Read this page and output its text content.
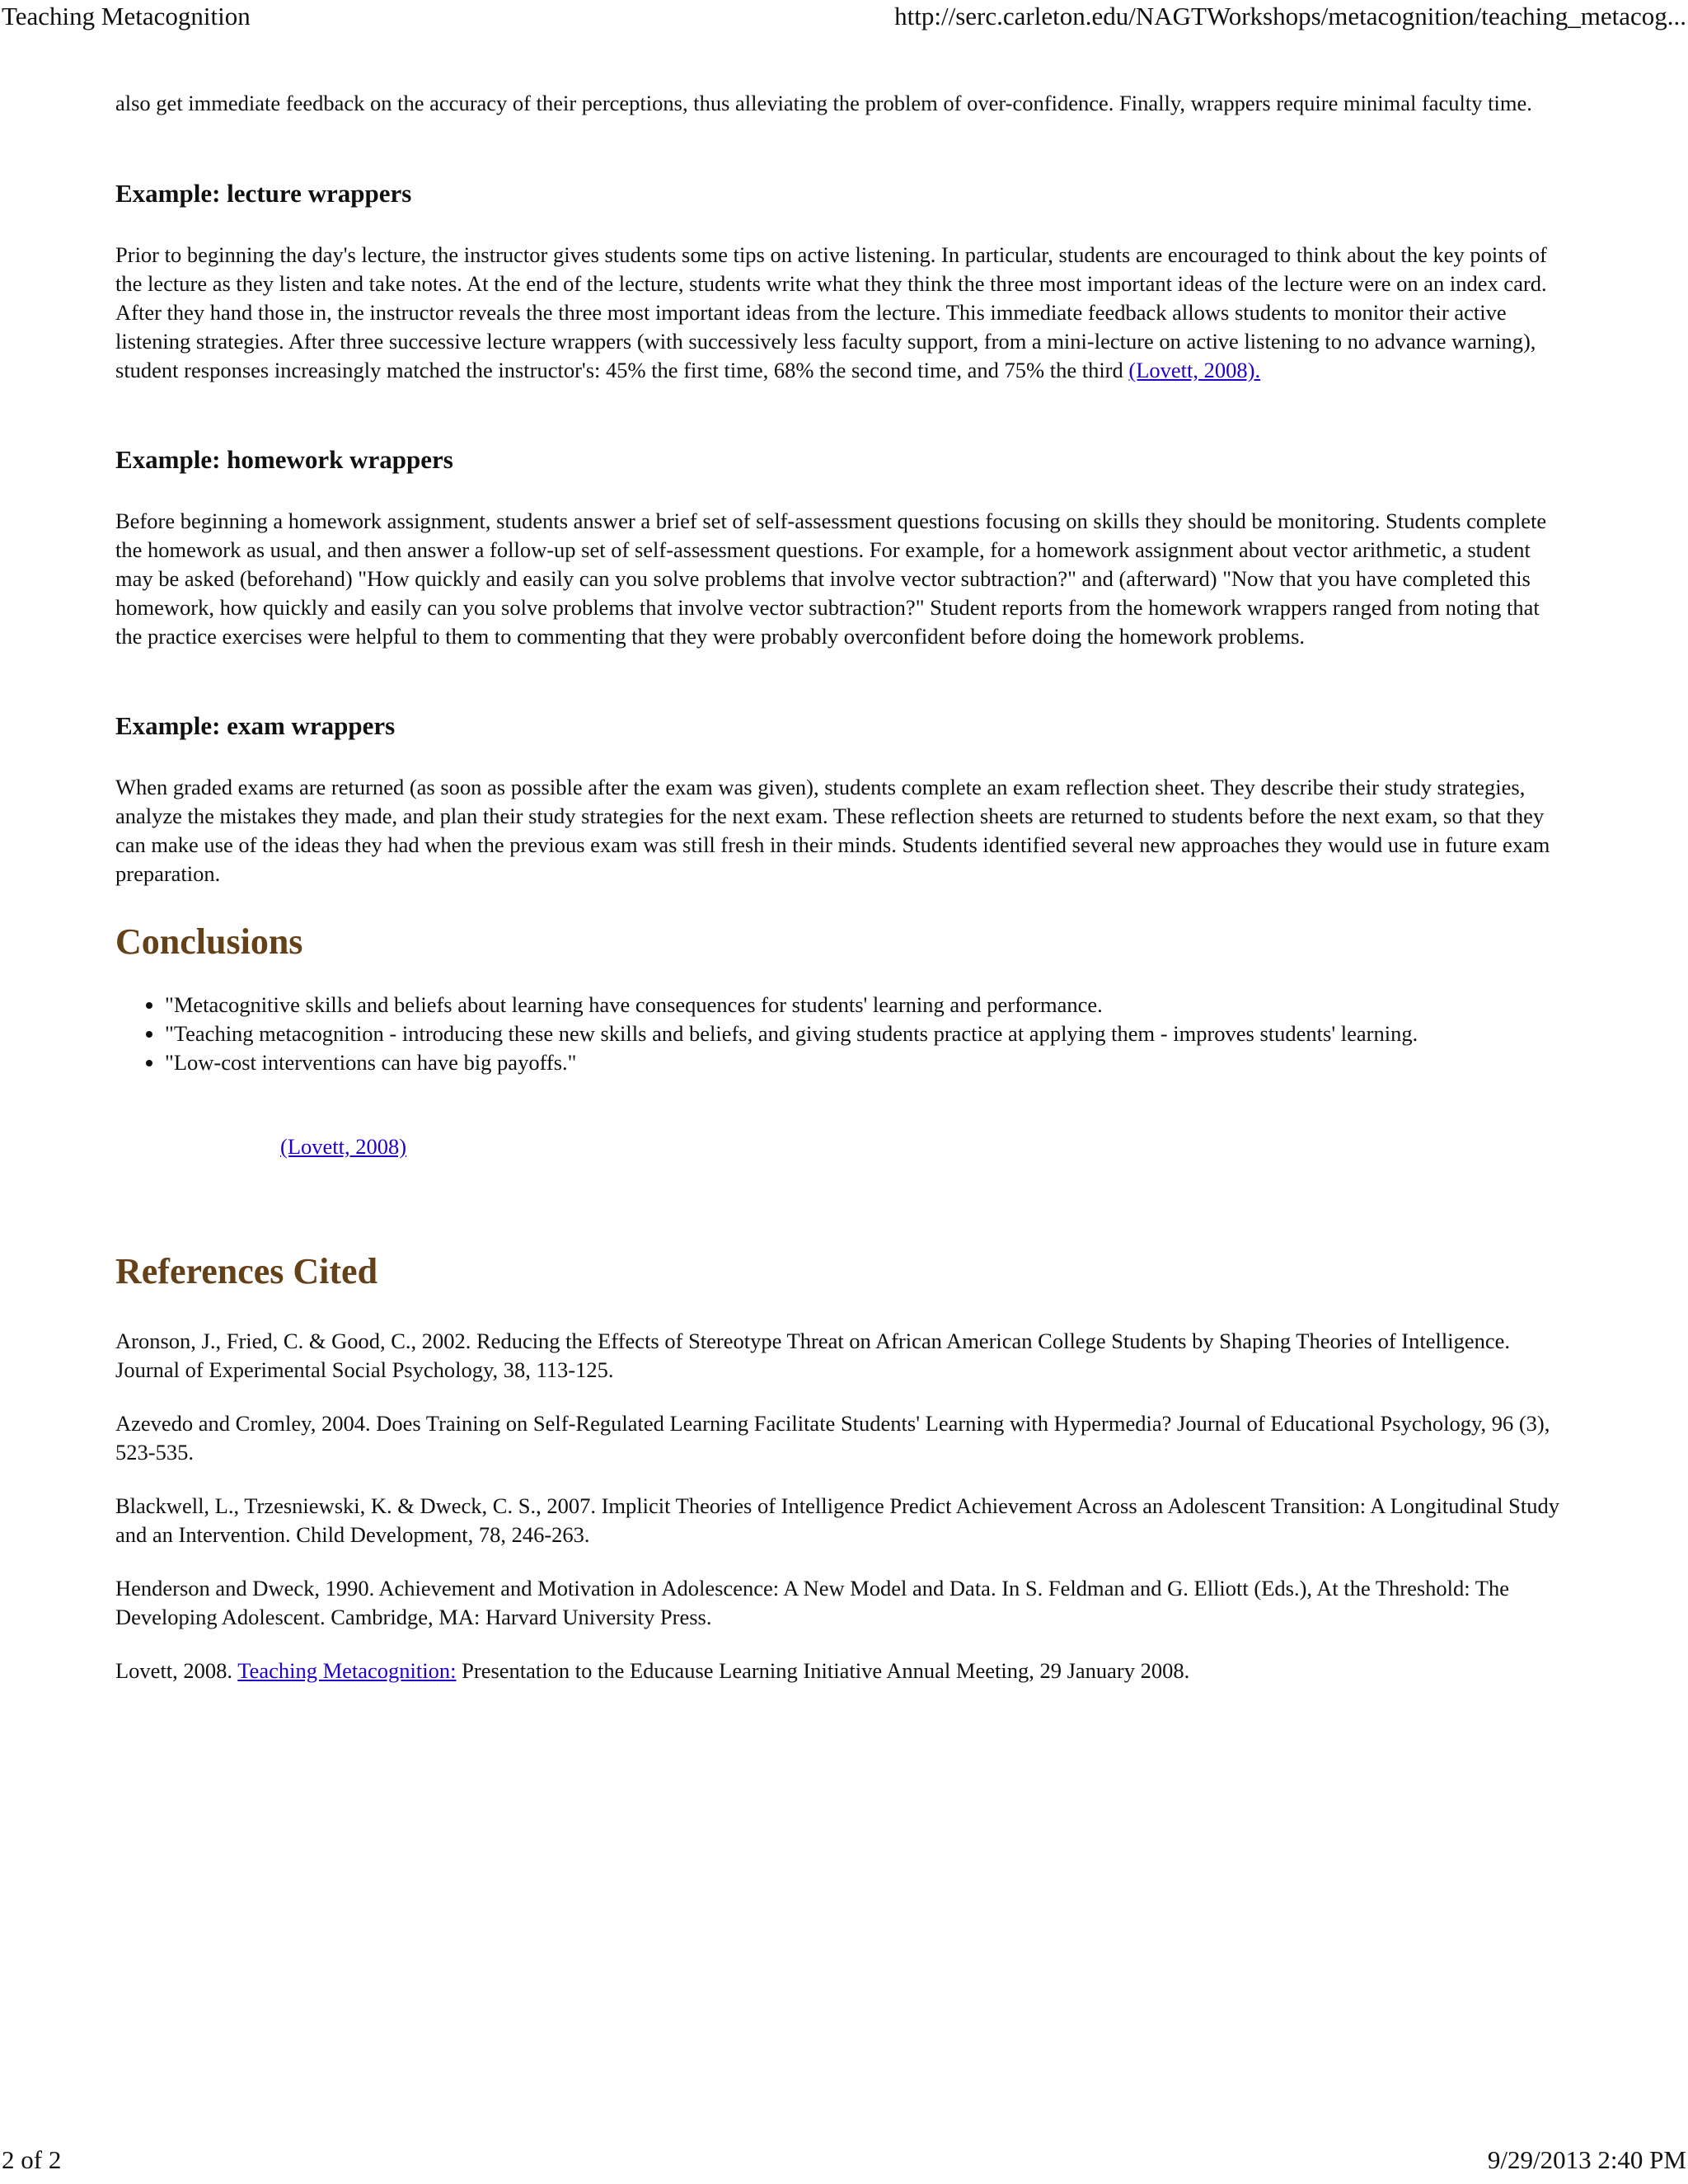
also get immediate feedback on the accuracy of their perceptions, thus alleviating the problem of over-confidence. Finally, wrappers require minimal faculty time.

Example: lecture wrappers

Prior to beginning the day's lecture, the instructor gives students some tips on active listening. In particular, students are encouraged to think about the key points of the lecture as they listen and take notes. At the end of the lecture, students write what they think the three most important ideas of the lecture were on an index card. After they hand those in, the instructor reveals the three most important ideas from the lecture. This immediate feedback allows students to monitor their active listening strategies. After three successive lecture wrappers (with successively less faculty support, from a mini-lecture on active listening to no advance warning), student responses increasingly matched the instructor's: 45% the first time, 68% the second time, and 75% the third (Lovett, 2008).

Example: homework wrappers

Before beginning a homework assignment, students answer a brief set of self-assessment questions focusing on skills they should be monitoring. Students complete the homework as usual, and then answer a follow-up set of self-assessment questions. For example, for a homework assignment about vector arithmetic, a student may be asked (beforehand) "How quickly and easily can you solve problems that involve vector subtraction?" and (afterward) "Now that you have completed this homework, how quickly and easily can you solve problems that involve vector subtraction?" Student reports from the homework wrappers ranged from noting that the practice exercises were helpful to them to commenting that they were probably overconfident before doing the homework problems.

Example: exam wrappers

When graded exams are returned (as soon as possible after the exam was given), students complete an exam reflection sheet. They describe their study strategies, analyze the mistakes they made, and plan their study strategies for the next exam. These reflection sheets are returned to students before the next exam, so that they can make use of the ideas they had when the previous exam was still fresh in their minds. Students identified several new approaches they would use in future exam preparation.

Conclusions
• "Metacognitive skills and beliefs about learning have consequences for students' learning and performance.
• "Teaching metacognition - introducing these new skills and beliefs, and giving students practice at applying them - improves students' learning.
• "Low-cost interventions can have big payoffs."
(Lovett, 2008)
References Cited

Aronson, J., Fried, C. & Good, C., 2002. Reducing the Effects of Stereotype Threat on African American College Students by Shaping Theories of Intelligence. Journal of Experimental Social Psychology, 38, 113-125.

Azevedo and Cromley, 2004. Does Training on Self-Regulated Learning Facilitate Students' Learning with Hypermedia? Journal of Educational Psychology, 96 (3), 523-535.

Blackwell, L., Trzesniewski, K. & Dweck, C. S., 2007. Implicit Theories of Intelligence Predict Achievement Across an Adolescent Transition: A Longitudinal Study and an Intervention. Child Development, 78, 246-263.

Henderson and Dweck, 1990. Achievement and Motivation in Adolescence: A New Model and Data. In S. Feldman and G. Elliott (Eds.), At the Threshold: The Developing Adolescent. Cambridge, MA: Harvard University Press.

Lovett, 2008. Teaching Metacognition: Presentation to the Educause Learning Initiative Annual Meeting, 29 January 2008.

Teaching Metacognition	http://serc.carleton.edu/NAGTWorkshops/metacognition/teaching_metacog...
2 of 2	9/29/2013 2:40 PM
